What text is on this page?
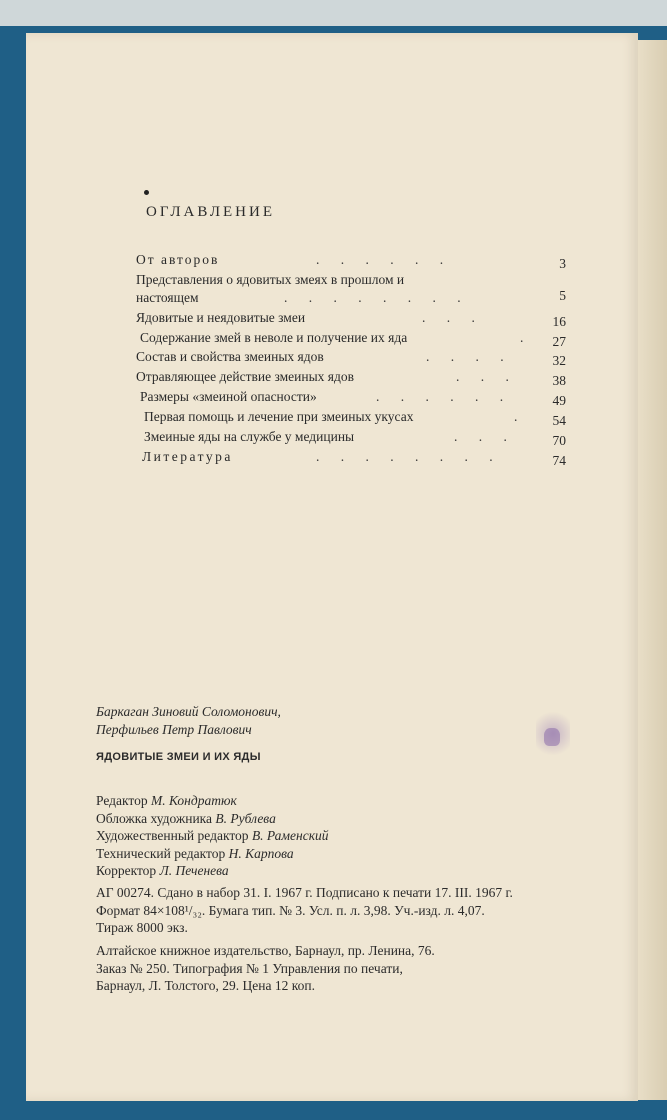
ОГЛАВЛЕНИЕ
От авторов	. . . . . .	3
Представления о ядовитых змеях в прошлом и
настоящем	. . . . . . . .	5
Ядовитые и неядовитые змеи	. . .	16
Содержание змей в неволе и получение их яда	. 27
Состав и свойства змеиных ядов	. . . .	32
Отравляющее действие змеиных ядов	. . .	38
Размеры «змеиной опасности»	. . . . . .	49
Первая помощь и лечение при змеиных укусах	. 54
Змеиные яды на службе у медицины	. . .	70
Литература	. . . . . . . .	74
Баркаган Зиновий Соломонович,
Перфильев Петр Павлович
ЯДОВИТЫЕ ЗМЕИ И ИХ ЯДЫ
Редактор М. Кондратюк
Обложка художника В. Рублева
Художественный редактор В. Раменский
Технический редактор Н. Карпова
Корректор Л. Печенева
АГ 00274. Сдано в набор 31. I. 1967 г. Подписано к печати 17. III. 1967 г.
Формат 84×108¹/₃₂. Бумага тип. № 3. Усл. п. л. 3,98. Уч.-изд. л. 4,07.
Тираж 8000 экз.
Алтайское книжное издательство, Барнаул, пр. Ленина, 76.
Заказ № 250. Типография № 1 Управления по печати,
Барнаул, Л. Толстого, 29. Цена 12 коп.
